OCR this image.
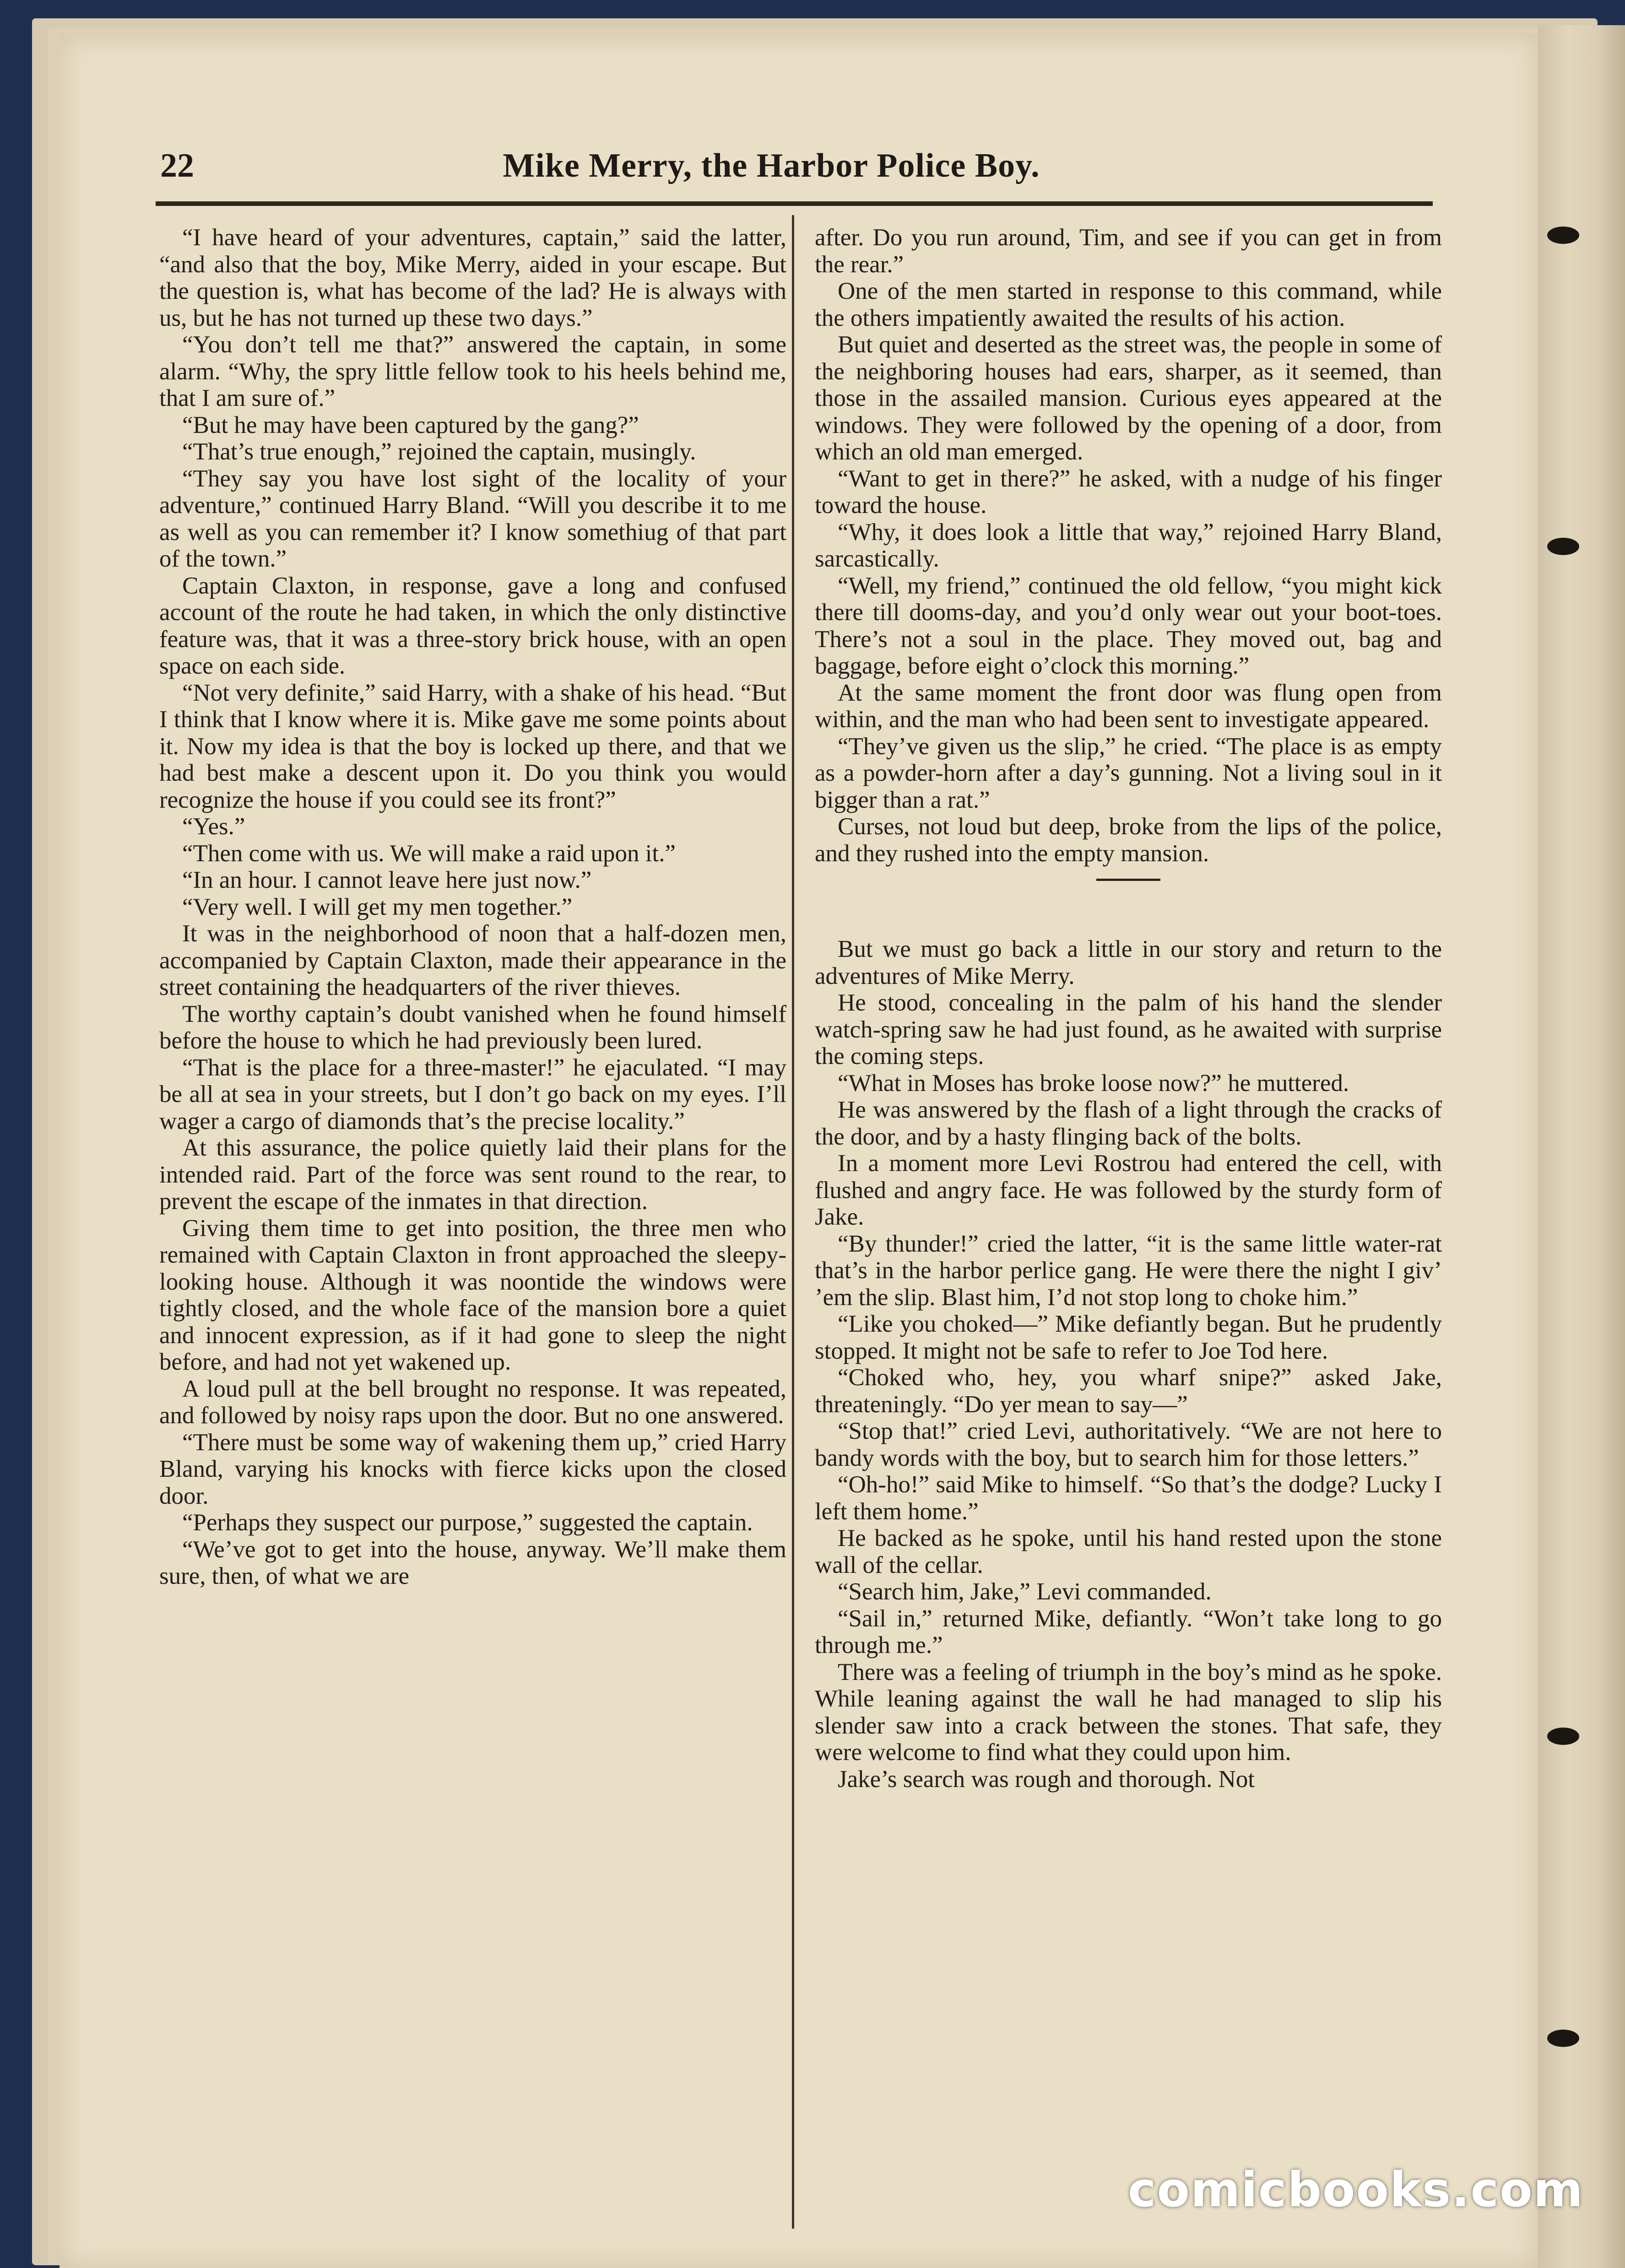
22	Mike Merry, the Harbor Police Boy.

“I have heard of your adventures, captain,” said the latter, “and also that the boy, Mike Merry, aided in your escape. But the question is, what has become of the lad? He is always with us, but he has not turned up these two days.”

“You don’t tell me that?” answered the captain, in some alarm. “Why, the spry little fellow took to his heels behind me, that I am sure of.”

“But he may have been captured by the gang?”

“That’s true enough,” rejoined the captain, musingly.

“They say you have lost sight of the locality of your adventure,” continued Harry Bland. “Will you describe it to me as well as you can remember it? I know somethiug of that part of the town.”

Captain Claxton, in response, gave a long and confused account of the route he had taken, in which the only distinctive feature was, that it was a three-story brick house, with an open space on each side.

“Not very definite,” said Harry, with a shake of his head. “But I think that I know where it is. Mike gave me some points about it. Now my idea is that the boy is locked up there, and that we had best make a descent upon it. Do you think you would recognize the house if you could see its front?”

“Yes.”

“Then come with us. We will make a raid upon it.”

“In an hour. I cannot leave here just now.”

“Very well. I will get my men together.”

It was in the neighborhood of noon that a half-dozen men, accompanied by Captain Claxton, made their appearance in the street containing the headquarters of the river thieves.

The worthy captain’s doubt vanished when he found himself before the house to which he had previously been lured.

“That is the place for a three-master!” he ejaculated. “I may be all at sea in your streets, but I don’t go back on my eyes. I’ll wager a cargo of diamonds that’s the precise locality.”

At this assurance, the police quietly laid their plans for the intended raid. Part of the force was sent round to the rear, to prevent the escape of the inmates in that direction.

Giving them time to get into position, the three men who remained with Captain Claxton in front approached the sleepy-looking house. Although it was noontide the windows were tightly closed, and the whole face of the mansion bore a quiet and innocent expression, as if it had gone to sleep the night before, and had not yet wakened up.

A loud pull at the bell brought no response. It was repeated, and followed by noisy raps upon the door. But no one answered.

“There must be some way of wakening them up,” cried Harry Bland, varying his knocks with fierce kicks upon the closed door.

“Perhaps they suspect our purpose,” suggested the captain.

“We’ve got to get into the house, anyway. We’ll make them sure, then, of what we are

after. Do you run around, Tim, and see if you can get in from the rear.”

One of the men started in response to this command, while the others impatiently awaited the results of his action.

But quiet and deserted as the street was, the people in some of the neighboring houses had ears, sharper, as it seemed, than those in the assailed mansion. Curious eyes appeared at the windows. They were followed by the opening of a door, from which an old man emerged.

“Want to get in there?” he asked, with a nudge of his finger toward the house.

“Why, it does look a little that way,” rejoined Harry Bland, sarcastically.

“Well, my friend,” continued the old fellow, “you might kick there till dooms-day, and you’d only wear out your boot-toes. There’s not a soul in the place. They moved out, bag and baggage, before eight o’clock this morning.”

At the same moment the front door was flung open from within, and the man who had been sent to investigate appeared.

“They’ve given us the slip,” he cried. “The place is as empty as a powder-horn after a day’s gunning. Not a living soul in it bigger than a rat.”

Curses, not loud but deep, broke from the lips of the police, and they rushed into the empty mansion.

But we must go back a little in our story and return to the adventures of Mike Merry.

He stood, concealing in the palm of his hand the slender watch-spring saw he had just found, as he awaited with surprise the coming steps.

“What in Moses has broke loose now?” he muttered.

He was answered by the flash of a light through the cracks of the door, and by a hasty flinging back of the bolts.

In a moment more Levi Rostrou had entered the cell, with flushed and angry face. He was followed by the sturdy form of Jake.

“By thunder!” cried the latter, “it is the same little water-rat that’s in the harbor perlice gang. He were there the night I giv’ ’em the slip. Blast him, I’d not stop long to choke him.”

“Like you choked—” Mike defiantly began. But he prudently stopped. It might not be safe to refer to Joe Tod here.

“Choked who, hey, you wharf snipe?” asked Jake, threateningly. “Do yer mean to say—”

“Stop that!” cried Levi, authoritatively. “We are not here to bandy words with the boy, but to search him for those letters.”

“Oh-ho!” said Mike to himself. “So that’s the dodge? Lucky I left them home.”

He backed as he spoke, until his hand rested upon the stone wall of the cellar.

“Search him, Jake,” Levi commanded.

“Sail in,” returned Mike, defiantly. “Won’t take long to go through me.”

There was a feeling of triumph in the boy’s mind as he spoke. While leaning against the wall he had managed to slip his slender saw into a crack between the stones. That safe, they were welcome to find what they could upon him.

Jake’s search was rough and thorough. Not

comicbooks.com
